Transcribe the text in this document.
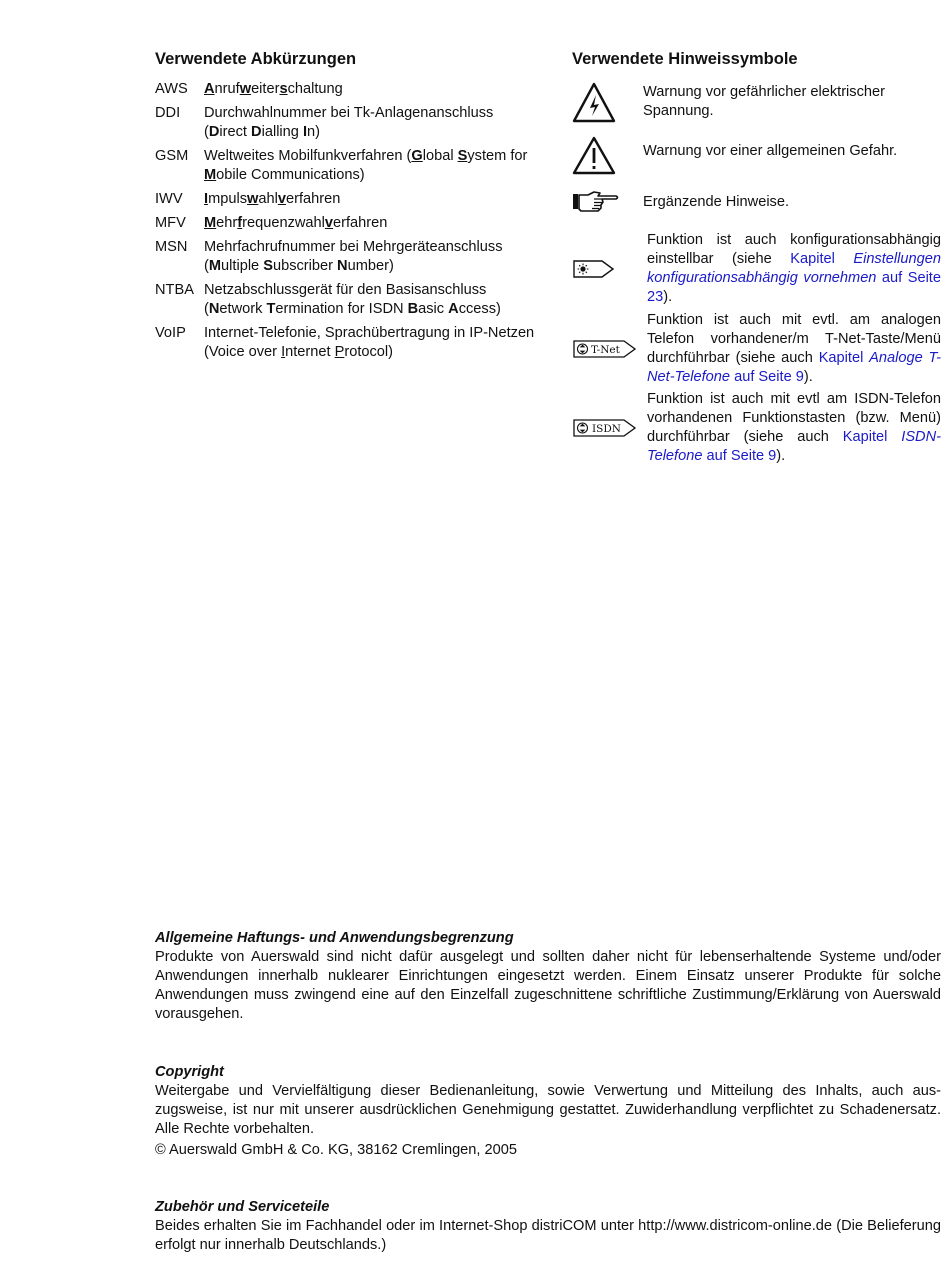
Verwendete Abkürzungen
AWS	Anrufweiterschaltung
DDI	Durchwahlnummer bei Tk-Anlagenanschluss (Direct Dialling In)
GSM	Weltweites Mobilfunkverfahren (Global System for Mobile Communications)
IWV	Impulswahlverfahren
MFV	Mehrfrequenzwahlverfahren
MSN	Mehrfachrufnummer bei Mehrgeräteanschluss (Multiple Subscriber Number)
NTBA Netzabschlussgerät für den Basisanschluss (Network Termination for ISDN Basic Access)
VoIP	Internet-Telefonie, Sprachübertragung in IP-Netzen (Voice over Internet Protocol)
Verwendete Hinweissymbole
Warnung vor gefährlicher elektrischer Spannung.
Warnung vor einer allgemeinen Gefahr.
Ergänzende Hinweise.
Funktion ist auch konfigurationsabhängig einstellbar (siehe Kapitel Einstellungen konfigurationsabhängig vornehmen auf Seite 23).
T-Net
Funktion ist auch mit evtl. am analogen Telefon vorhandener/m T-Net-Taste/Menü durchführbar (siehe auch Kapitel Analoge T-Net-Telefone auf Seite 9).
ISDN
Funktion ist auch mit evtl am ISDN-Telefon vorhandenen Funktionstasten (bzw. Menü) durchführbar (siehe auch Kapitel ISDN-Telefone auf Seite 9).
Allgemeine Haftungs- und Anwendungsbegrenzung

Produkte von Auerswald sind nicht dafür ausgelegt und sollten daher nicht für lebenserhaltende Systeme und/oder Anwendungen innerhalb nuklearer Einrichtungen eingesetzt werden. Einem Einsatz unserer Produkte für solche Anwendungen muss zwingend eine auf den Einzelfall zugeschnittene schriftliche Zustimmung/Erklärung von Auerswald vorausgehen.

Copyright

Weitergabe und Vervielfältigung dieser Bedienanleitung, sowie Verwertung und Mitteilung des Inhalts, auch auszugsweise, ist nur mit unserer ausdrücklichen Genehmigung gestattet. Zuwiderhandlung verpflichtet zu Schadenersatz. Alle Rechte vorbehalten.

© Auerswald GmbH & Co. KG, 38162 Cremlingen, 2005

Zubehör und Serviceteile

Beides erhalten Sie im Fachhandel oder im Internet-Shop distriCOM unter http://www.districom-online.de (Die Belieferung erfolgt nur innerhalb Deutschlands.)
